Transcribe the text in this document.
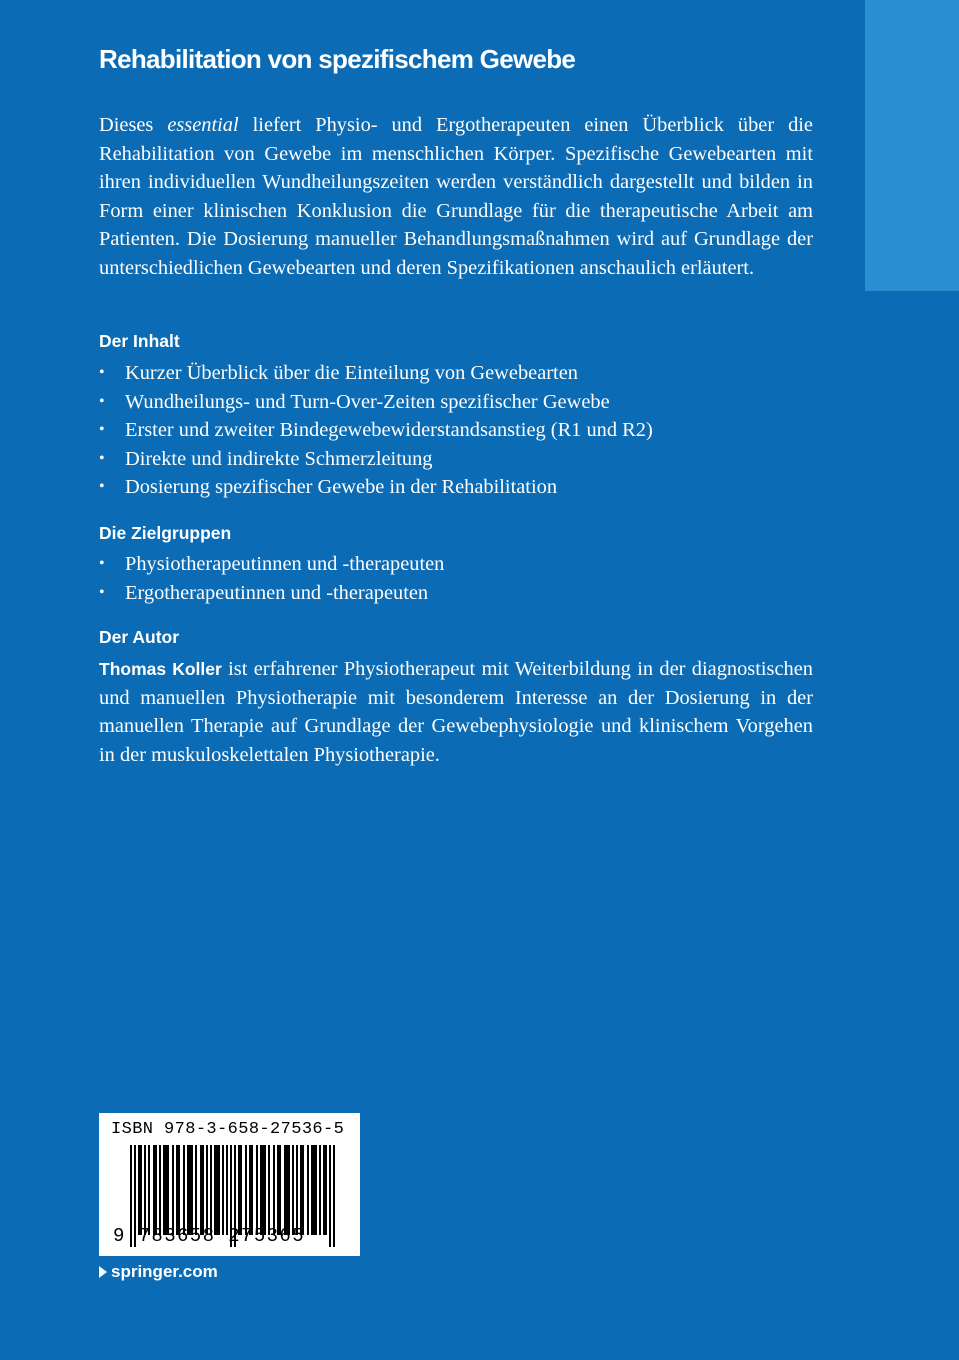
Rehabilitation von spezifischem Gewebe

Dieses essential liefert Physio- und Ergotherapeuten einen Überblick über die Rehabilitation von Gewebe im menschlichen Körper. Spezifische Gewebearten mit ihren individuellen Wundheilungszeiten werden verständlich dargestellt und bilden in Form einer klinischen Konklusion die Grundlage für die therapeutische Arbeit am Patienten. Die Dosierung manueller Behandlungsmaßnahmen wird auf Grundlage der unterschiedlichen Gewebearten und deren Spezifikationen anschaulich erläutert.

Der Inhalt
• Kurzer Überblick über die Einteilung von Gewebearten
• Wundheilungs- und Turn-Over-Zeiten spezifischer Gewebe
• Erster und zweiter Bindegewebewiderstandsanstieg (R1 und R2)
• Direkte und indirekte Schmerzleitung
• Dosierung spezifischer Gewebe in der Rehabilitation
Die Zielgruppen
• Physiotherapeutinnen und -therapeuten
• Ergotherapeutinnen und -therapeuten
Der Autor

Thomas Koller ist erfahrener Physiotherapeut mit Weiterbildung in der diagnostischen und manuellen Physiotherapie mit besonderem Interesse an der Dosierung in der manuellen Therapie auf Grundlage der Gewebephysiologie und klinischem Vorgehen in der muskuloskelettalen Physiotherapie.

ISBN 978-3-658-27536-5

9 783658 275365

springer.com
